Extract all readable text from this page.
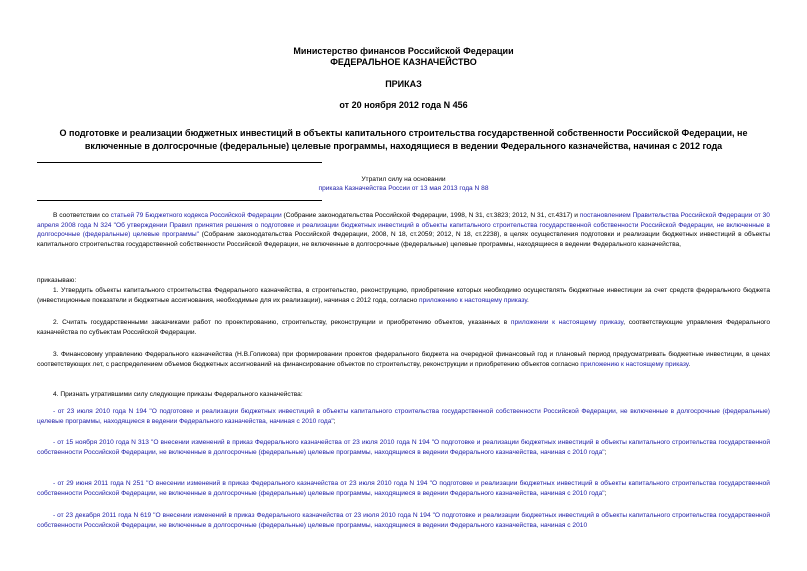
Министерство финансов Российской Федерации
ФЕДЕРАЛЬНОЕ КАЗНАЧЕЙСТВО
ПРИКАЗ
от 20 ноября 2012 года N 456
О подготовке и реализации бюджетных инвестиций в объекты капитального строительства государственной собственности Российской Федерации, не включенные в долгосрочные (федеральные) целевые программы, находящиеся в ведении Федерального казначейства, начиная с 2012 года
Утратил силу на основании
приказа Казначейства России от 13 мая 2013 года N 88
В соответствии со статьей 79 Бюджетного кодекса Российской Федерации (Собрание законодательства Российской Федерации, 1998, N 31, ст.3823; 2012, N 31, ст.4317) и постановлением Правительства Российской Федерации от 30 апреля 2008 года N 324 "Об утверждении Правил принятия решения о подготовке и реализации бюджетных инвестиций в объекты капитального строительства государственной собственности Российской Федерации, не включенные в долгосрочные (федеральные) целевые программы" (Собрание законодательства Российской Федерации, 2008, N 18, ст.2059; 2012, N 18, ст.2238), в целях осуществления подготовки и реализации бюджетных инвестиций в объекты капитального строительства государственной собственности Российской Федерации, не включенные в долгосрочные (федеральные) целевые программы, находящиеся в ведении Федерального казначейства,
приказываю:
1. Утвердить объекты капитального строительства Федерального казначейства, в строительство, реконструкцию, приобретение которых необходимо осуществлять бюджетные инвестиции за счет средств федерального бюджета (инвестиционные показатели и бюджетные ассигнования, необходимые для их реализации), начиная с 2012 года, согласно приложению к настоящему приказу.
2. Считать государственными заказчиками работ по проектированию, строительству, реконструкции и приобретению объектов, указанных в приложении к настоящему приказу, соответствующие управления Федерального казначейства по субъектам Российской Федерации.
3. Финансовому управлению Федерального казначейства (Н.В.Голикова) при формировании проектов федерального бюджета на очередной финансовый год и плановый период предусматривать бюджетные инвестиции, в ценах соответствующих лет, с распределением объемов бюджетных ассигнований на финансирование объектов по строительству, реконструкции и приобретению объектов согласно приложению к настоящему приказу.
4. Признать утратившими силу следующие приказы Федерального казначейства:
- от 23 июля 2010 года N 194 "О подготовке и реализации бюджетных инвестиций в объекты капитального строительства государственной собственности Российской Федерации, не включенные в долгосрочные (федеральные) целевые программы, находящиеся в ведении Федерального казначейства, начиная с 2010 года";
- от 15 ноября 2010 года N 313 "О внесении изменений в приказ Федерального казначейства от 23 июля 2010 года N 194 "О подготовке и реализации бюджетных инвестиций в объекты капитального строительства государственной собственности Российской Федерации, не включенные в долгосрочные (федеральные) целевые программы, находящиеся в ведении Федерального казначейства, начиная с 2010 года";
- от 29 июня 2011 года N 251 "О внесении изменений в приказ Федерального казначейства от 23 июля 2010 года N 194 "О подготовке и реализации бюджетных инвестиций в объекты капитального строительства государственной собственности Российской Федерации, не включенные в долгосрочные (федеральные) целевые программы, находящиеся в ведении Федерального казначейства, начиная с 2010 года";
- от 23 декабря 2011 года N 619 "О внесении изменений в приказ Федерального казначейства от 23 июля 2010 года N 194 "О подготовке и реализации бюджетных инвестиций в объекты капитального строительства государственной собственности Российской Федерации, не включенные в долгосрочные (федеральные) целевые программы, находящиеся в ведении Федерального казначейства, начиная с 2010
